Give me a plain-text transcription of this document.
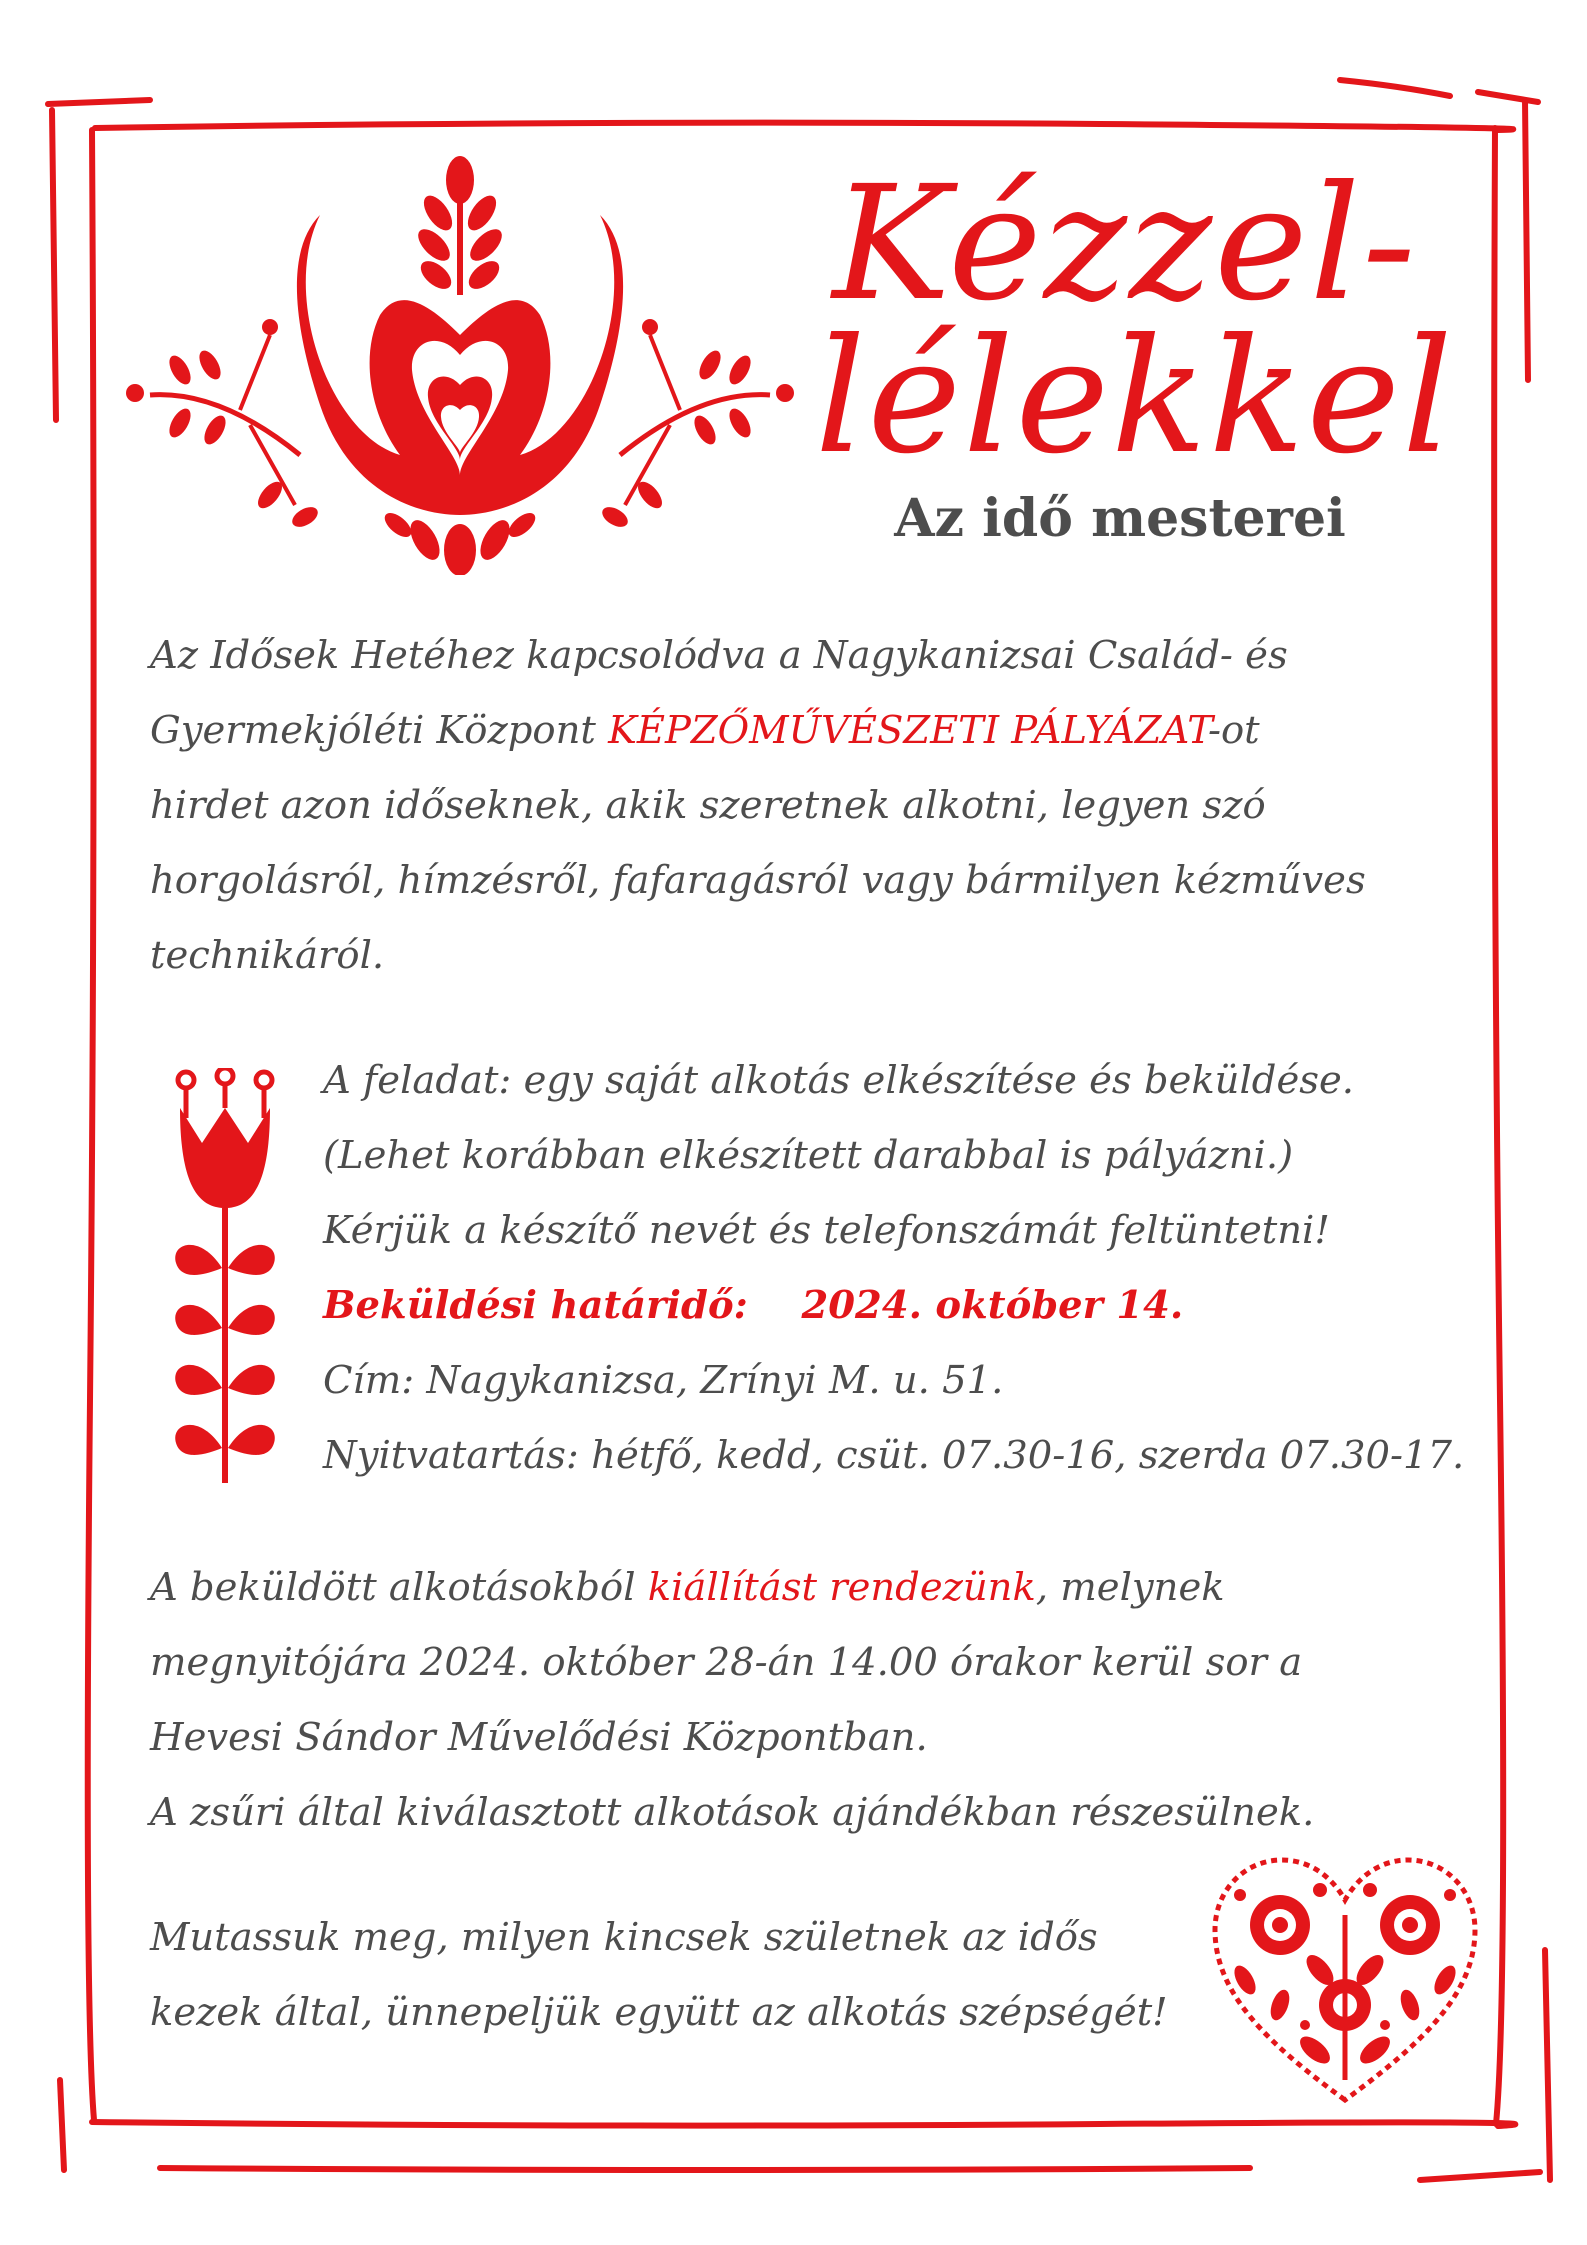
Kézzel-
lélekkel
Az idő mesterei
Az Idősek Hetéhez kapcsolódva a Nagykanizsai Család- és
Gyermekjóléti Központ KÉPZŐMŰVÉSZETI PÁLYÁZAT-ot
hirdet azon időseknek, akik szeretnek alkotni, legyen szó
horgolásról, hímzésről, fafaragásról vagy bármilyen kézműves
technikáról.
A feladat: egy saját alkotás elkészítése és beküldése.
(Lehet korábban elkészített darabbal is pályázni.)
Kérjük a készítő nevét és telefonszámát feltüntetni!
Beküldési határidő: 2024. október 14.
Cím: Nagykanizsa, Zrínyi M. u. 51.
Nyitvatartás: hétfő, kedd, csüt. 07.30-16, szerda 07.30-17.
A beküldött alkotásokból kiállítást rendezünk, melynek
megnyitójára 2024. október 28-án 14.00 órakor kerül sor a
Hevesi Sándor Művelődési Központban.
A zsűri által kiválasztott alkotások ajándékban részesülnek.
Mutassuk meg, milyen kincsek születnek az idős
kezek által, ünnepeljük együtt az alkotás szépségét!
